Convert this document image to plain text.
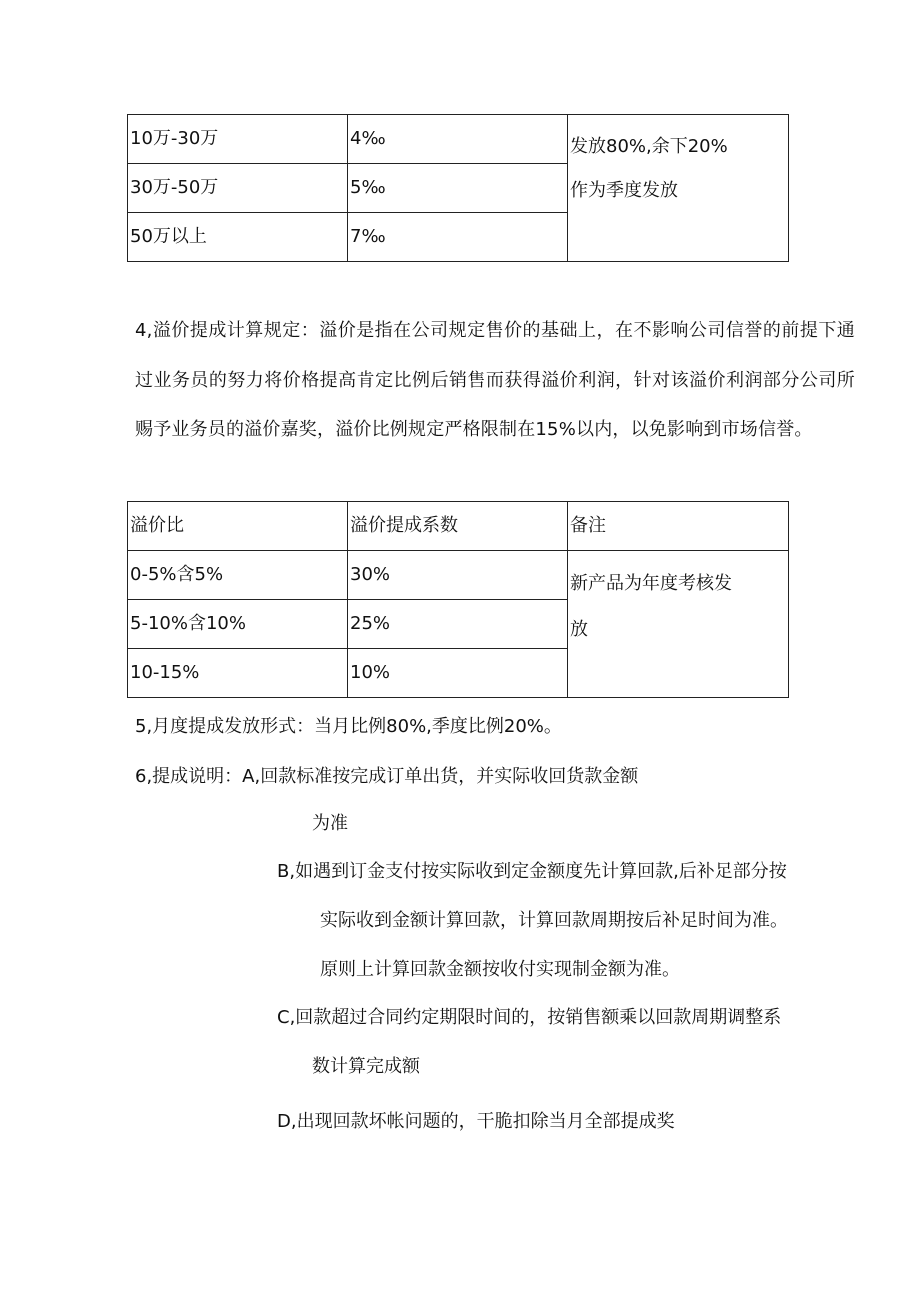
10万-30万	4‰	发放80%,余下20%
作为季度发放

30万-50万	5‰	
50万以上	7‰	

4,溢价提成计算规定：溢价是指在公司规定售价的基础上，在不影响公司信誉的前提下通过业务员的努力将价格提高肯定比例后销售而获得溢价利润，针对该溢价利润部分公司所赐予业务员的溢价嘉奖，溢价比例规定严格限制在15%以内，以免影响到市场信誉。

溢价比	溢价提成系数	备注
0-5%含5%	30%	新产品为年度考核发
放

5-10%含10%	25%	
10-15%	10%	

5,月度提成发放形式：当月比例80%,季度比例20%。

6,提成说明：A,回款标准按完成订单出货，并实际收回货款金额

为准

B,如遇到订金支付按实际收到定金额度先计算回款,后补足部分按

实际收到金额计算回款，计算回款周期按后补足时间为准。

原则上计算回款金额按收付实现制金额为准。

C,回款超过合同约定期限时间的，按销售额乘以回款周期调整系

数计算完成额

D,出现回款坏帐问题的，干脆扣除当月全部提成奖
